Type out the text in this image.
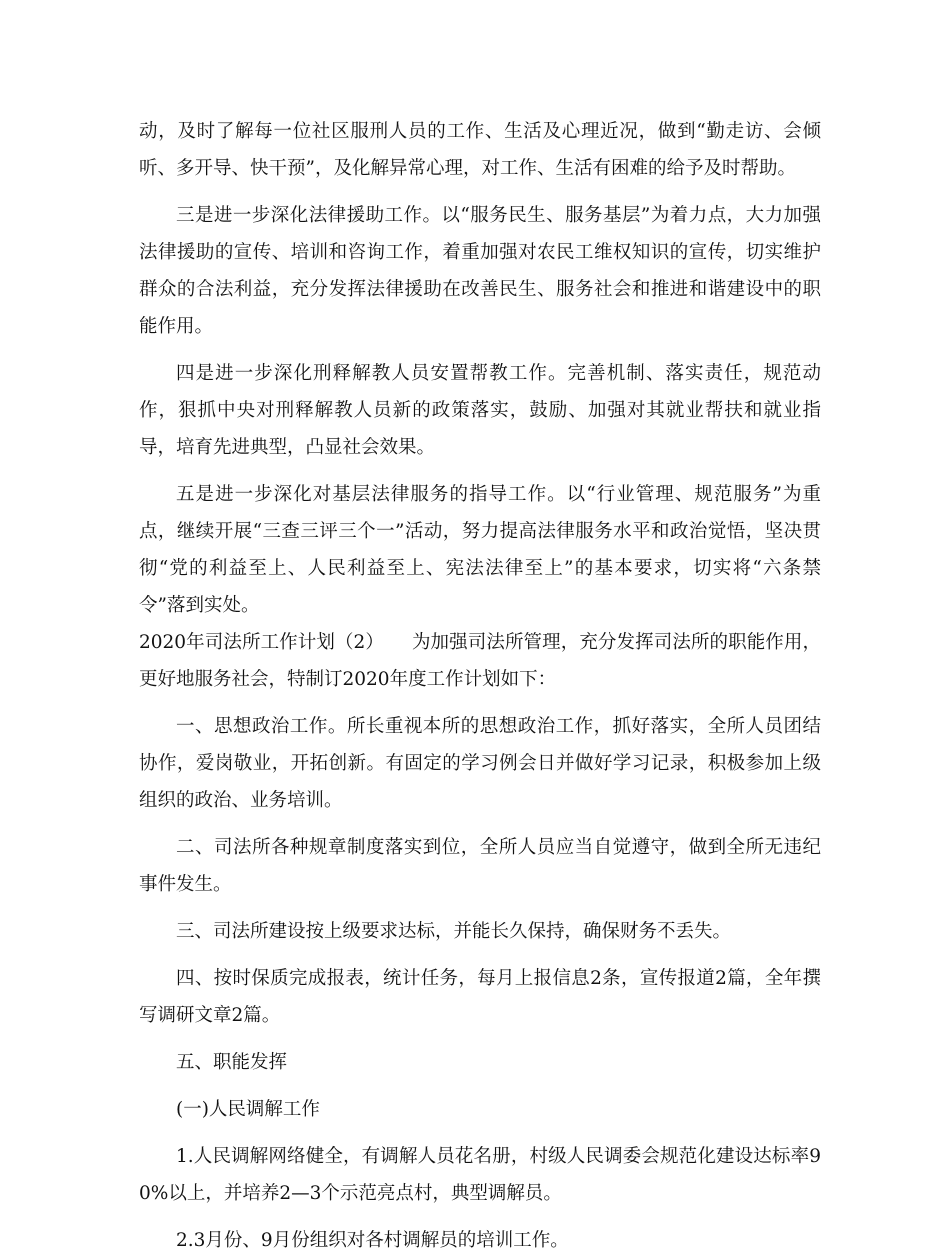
动，及时了解每一位社区服刑人员的工作、生活及心理近况，做到“勤走访、会倾听、多开导、快干预”，及化解异常心理，对工作、生活有困难的给予及时帮助。

三是进一步深化法律援助工作。以“服务民生、服务基层”为着力点，大力加强法律援助的宣传、培训和咨询工作，着重加强对农民工维权知识的宣传，切实维护群众的合法利益，充分发挥法律援助在改善民生、服务社会和推进和谐建设中的职能作用。

四是进一步深化刑释解教人员安置帮教工作。完善机制、落实责任，规范动作，狠抓中央对刑释解教人员新的政策落实，鼓励、加强对其就业帮扶和就业指导，培育先进典型，凸显社会效果。

五是进一步深化对基层法律服务的指导工作。以“行业管理、规范服务”为重点，继续开展“三查三评三个一”活动，努力提高法律服务水平和政治觉悟，坚决贯彻“党的利益至上、人民利益至上、宪法法律至上”的基本要求，切实将“六条禁令”落到实处。

2020年司法所工作计划（2）　　为加强司法所管理，充分发挥司法所的职能作用，更好地服务社会，特制订2020年度工作计划如下：

一、思想政治工作。所长重视本所的思想政治工作，抓好落实，全所人员团结协作，爱岗敬业，开拓创新。有固定的学习例会日并做好学习记录，积极参加上级组织的政治、业务培训。

二、司法所各种规章制度落实到位，全所人员应当自觉遵守，做到全所无违纪事件发生。

三、司法所建设按上级要求达标，并能长久保持，确保财务不丢失。

四、按时保质完成报表，统计任务，每月上报信息2条，宣传报道2篇，全年撰写调研文章2篇。

五、职能发挥

(一)人民调解工作

1.人民调解网络健全，有调解人员花名册，村级人民调委会规范化建设达标率90%以上，并培养2—3个示范亮点村，典型调解员。

2.3月份、9月份组织对各村调解员的培训工作。
